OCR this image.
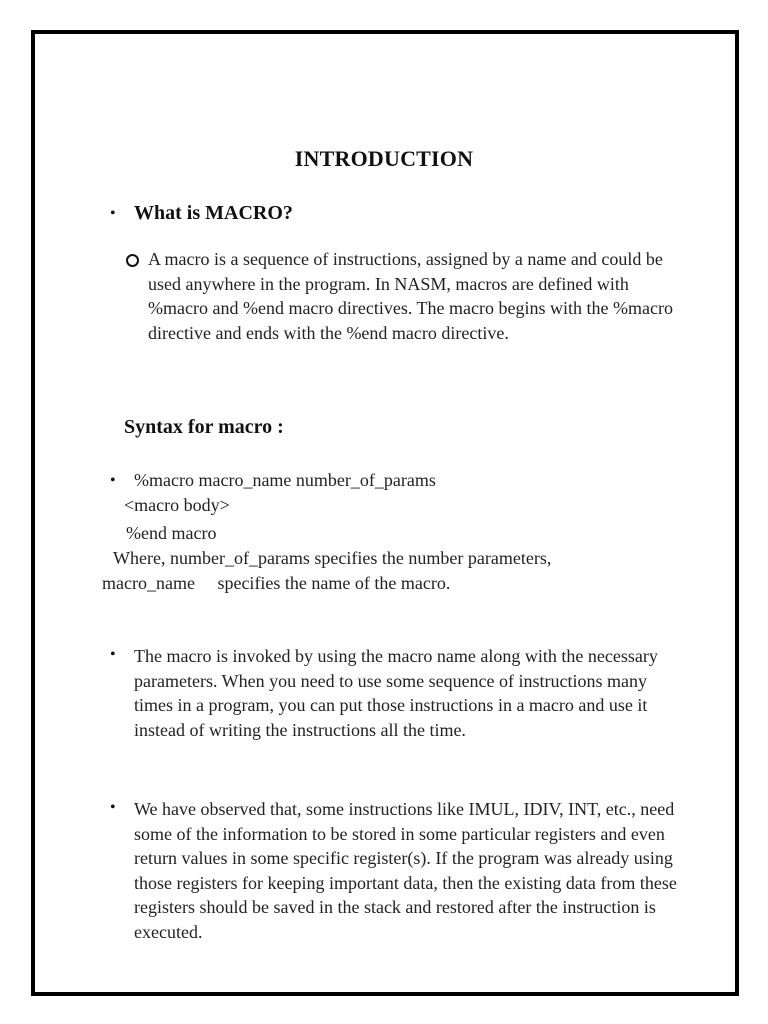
INTRODUCTION
• What is MACRO?
A macro is a sequence of instructions, assigned by a name and could be used anywhere in the program. In NASM, macros are defined with %macro and %end macro directives. The macro begins with the %macro directive and ends with the %end macro directive.
Syntax for macro :
• %macro macro_name number_of_params
<macro body>
%end macro
Where, number_of_params specifies the number parameters,
macro_name     specifies the name of the macro.
• The macro is invoked by using the macro name along with the necessary parameters. When you need to use some sequence of instructions many times in a program, you can put those instructions in a macro and use it instead of writing the instructions all the time.
• We have observed that, some instructions like IMUL, IDIV, INT, etc., need some of the information to be stored in some particular registers and even return values in some specific register(s). If the program was already using those registers for keeping important data, then the existing data from these registers should be saved in the stack and restored after the instruction is executed.
